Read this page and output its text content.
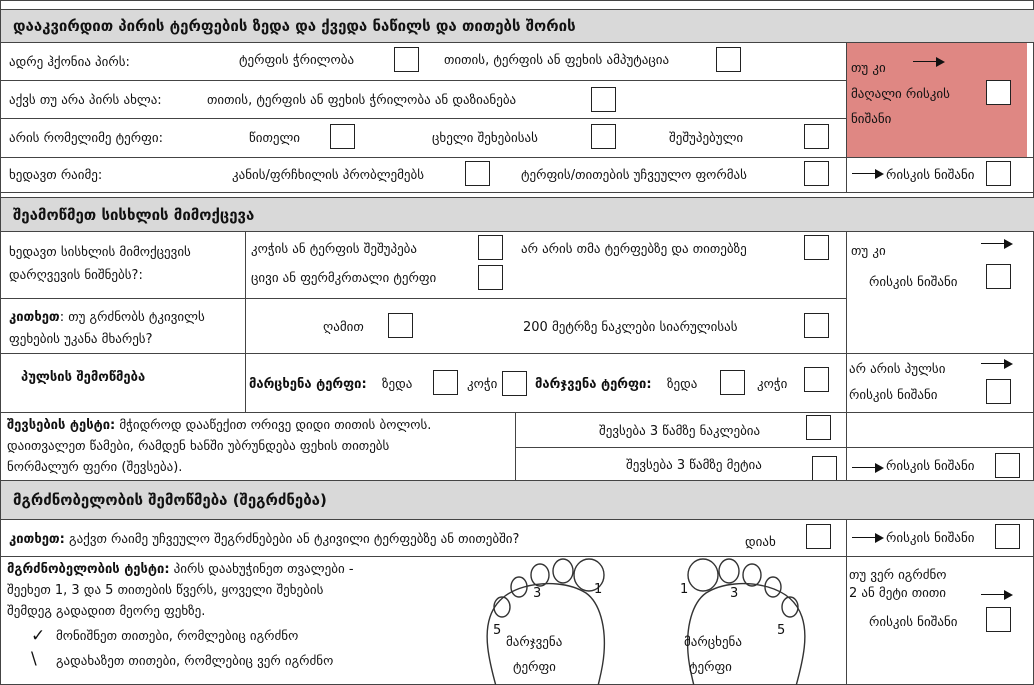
დააკვირდით პირის ტერფების ზედა და ქვედა ნაწილს და თითებს შორის
ადრე ჰქონია პირს:	ტერფის ჭრილობა	თითის, ტერფის ან ფეხის ამპუტაცია
აქვს თუ არა პირს ახლა:	თითის, ტერფის ან ფეხის ჭრილობა ან დაზიანება
არის რომელიმე ტერფი:	წითელი	ცხელი შეხებისას	შეშუპებული
თუ კი
მაღალი რისკის
ნიშანი
ხედავთ რაიმე:	კანის/ფრჩხილის პრობლემებს	ტერფის/თითების უჩვეულო ფორმას	რისკის ნიშანი
შეამოწმეთ სისხლის მიმოქცევა
ხედავთ სისხლის მიმოქცევის
დარღვევის ნიშნებს?:
კოჭის ან ტერფის შეშუპება	არ არის თმა ტერფებზე და თითებზე
ცივი ან ფერმკრთალი ტერფი
თუ კი
რისკის ნიშანი
კითხეთ: თუ გრძნობს ტკივილს
ფეხების უკანა მხარეს?
ღამით	200 მეტრზე ნაკლები სიარულისას
პულსის შემოწმება	მარცხენა ტერფი: ზედა	კოჭი	მარჯვენა ტერფი: ზედა	კოჭი
არ არის პულსი
რისკის ნიშანი
შევსების ტესტი: მჭიდროდ დააწექით ორივე დიდი თითის ბოლოს.
დაითვალეთ წამები, რამდენ ხანში უბრუნდება ფეხის თითებს
ნორმალურ ფერი (შევსება).
შევსება 3 წამზე ნაკლებია
შევსება 3 წამზე მეტია	რისკის ნიშანი
მგრძნობელობის შემოწმება (შეგრძნება)
კითხეთ: გაქვთ რაიმე უჩვეულო შეგრძნებები ან ტკივილი ტერფებზე ან თითებში?	დიახ	რისკის ნიშანი
მგრძნობელობის ტესტი: პირს დაახუჭინეთ თვალები -
შეეხეთ 1, 3 და 5 თითების წვერს, ყოველი შეხების
შემდეგ გადადით მეორე ფეხზე.
✓ მონიშნეთ თითები, რომლებიც იგრძნო
\ გადახაზეთ თითები, რომლებიც ვერ იგრძნო
1
3
5
1	3
5
მარჯვენა
ტერფი
მარცხენა
ტერფი
თუ ვერ იგრძნო
2 ან მეტი თითი
რისკის ნიშანი
